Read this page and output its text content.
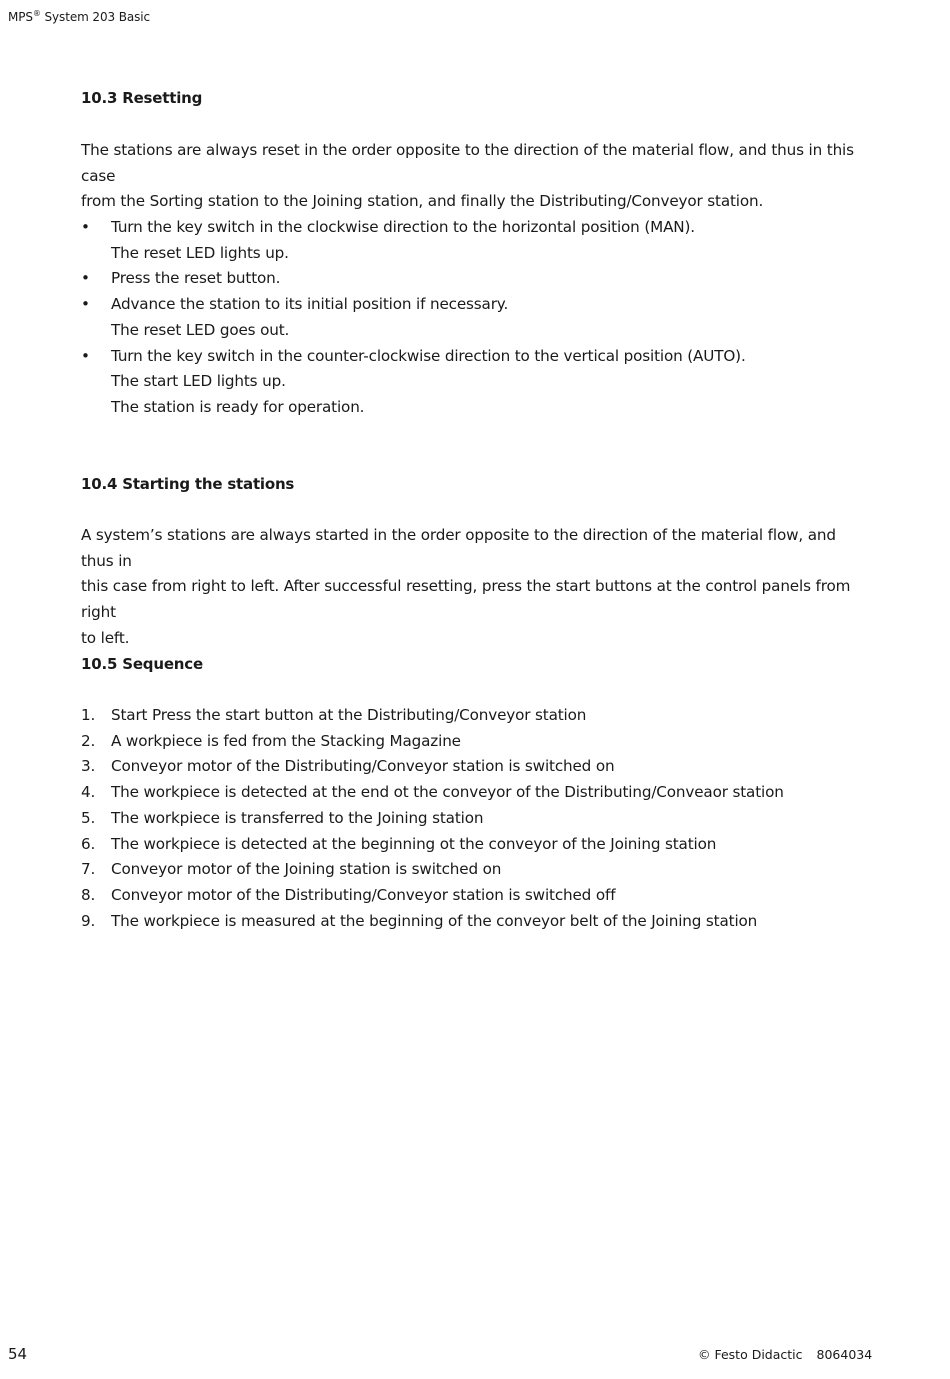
MPS® System 203 Basic
10.3 Resetting

The stations are always reset in the order opposite to the direction of the material flow, and thus in this case
from the Sorting station to the Joining station, and finally the Distributing/Conveyor station.

• Turn the key switch in the clockwise direction to the horizontal position (MAN).
The reset LED lights up.
• Press the reset button.
• Advance the station to its initial position if necessary.
The reset LED goes out.
• Turn the key switch in the counter-clockwise direction to the vertical position (AUTO).
The start LED lights up.
The station is ready for operation.
10.4 Starting the stations

A system’s stations are always started in the order opposite to the direction of the material flow, and thus in
this case from right to left. After successful resetting, press the start buttons at the control panels from right
to left.

10.5 Sequence
1. Start Press the start button at the Distributing/Conveyor station
2. A workpiece is fed from the Stacking Magazine
3. Conveyor motor of the Distributing/Conveyor station is switched on
4. The workpiece is detected at the end ot the conveyor of the Distributing/Conveaor station
5. The workpiece is transferred to the Joining station
6. The workpiece is detected at the beginning ot the conveyor of the Joining station
7. Conveyor motor of the Joining station is switched on
8. Conveyor motor of the Distributing/Conveyor station is switched off
9. The workpiece is measured at the beginning of the conveyor belt of the Joining station
54	© Festo Didactic 8064034
